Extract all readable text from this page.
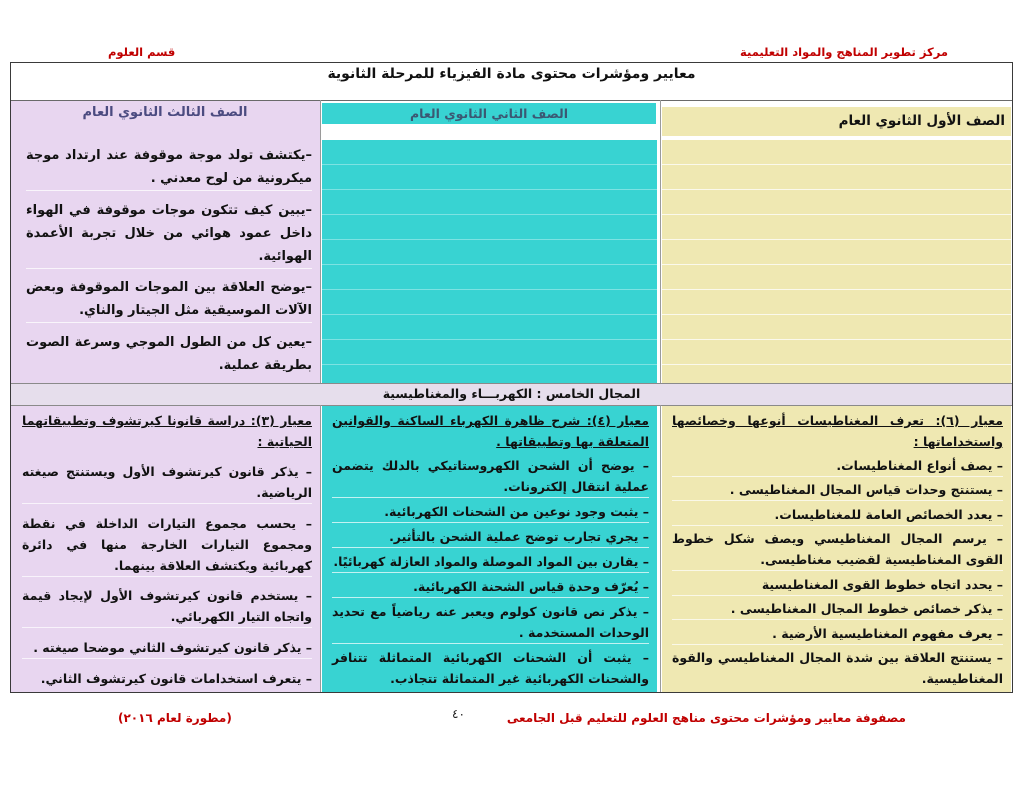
مركز تطوير المناهج والمواد التعليمية
قسم العلوم
معايير ومؤشرات محتوى مادة الفيزياء للمرحلة الثانوية
الصف الثالث الثانوي العام	الصف الثاني الثانوي العام	الصف الأول الثانوي العام
–يكتشف تولد موجة موقوفة عند ارتداد موجة ميكرونية من لوح معدني .
–يبين كيف تتكون موجات موقوفة في الهواء داخل عمود هوائي من خلال تجربة الأعمدة الهوائية.
–يوضح العلاقة بين الموجات الموقوفة وبعض الآلات الموسيقية مثل الجيتار والناي.
–يعين كل من الطول الموجي وسرعة الصوت بطريقة عملية.
المجال الخامس : الكهربـــاء والمغناطيسية
معيار (٦): تعرف المغناطيسات أنوعها وخصائصها واستخداماتها :
– يصف أنواع المغناطيسات.
– يستنتج وحدات قياس المجال المغناطيسى .
– يعدد الخصائص العامة للمغناطيسات.
– يرسم المجال المغناطيسي ويصف شكل خطوط القوى المغناطيسية لقضيب مغناطيسى.
– يحدد اتجاه خطوط القوى المغناطيسية
– يذكر خصائص خطوط المجال المغناطيسى .
– يعرف مفهوم المغناطيسية الأرضية .
– يستنتج العلاقة بين شدة المجال المغناطيسي والقوة المغناطيسية.
معيار (٤): شرح ظاهرة الكهرباء الساكنة والقوانين المتعلقة بها وتطبيقاتها .
– يوضح أن الشحن الكهروستاتيكي بالدلك يتضمن عملية انتقال إلكترونات.
– يثبت وجود نوعين من الشحنات الكهربائية.
– يجري تجارب توضح عملية الشحن بالتأثير.
– يقارن بين المواد الموصلة والمواد العازلة كهربائيًا.
– يُعرّف وحدة قياس الشحنة الكهربائية.
– يذكر نص قانون كولوم ويعبر عنه رياضياً مع تحديد الوحدات المستخدمة .
– يثبت أن الشحنات الكهربائية المتماثلة تتنافر والشحنات الكهربائية غير المتماثلة تتجاذب.
معيار (٣): دراسة قانونا كيرتشوف وتطبيقاتهما الحياتية :
– يذكر قانون كيرتشوف الأول ويستنتج صيغته الرياضية.
– يحسب مجموع التيارات الداخلة في نقطة ومجموع التيارات الخارجة منها في دائرة كهربائية ويكتشف العلاقة بينهما.
– يستخدم قانون كيرتشوف الأول لإيجاد قيمة واتجاه التيار الكهربائي.
– يذكر قانون كيرتشوف الثاني موضحا صيغته .
– يتعرف استخدامات قانون كيرتشوف الثاني.
مصفوفة معايير ومؤشرات محتوى مناهج العلوم للتعليم قبل الجامعى
٤٠
(مطورة لعام ٢٠١٦)
